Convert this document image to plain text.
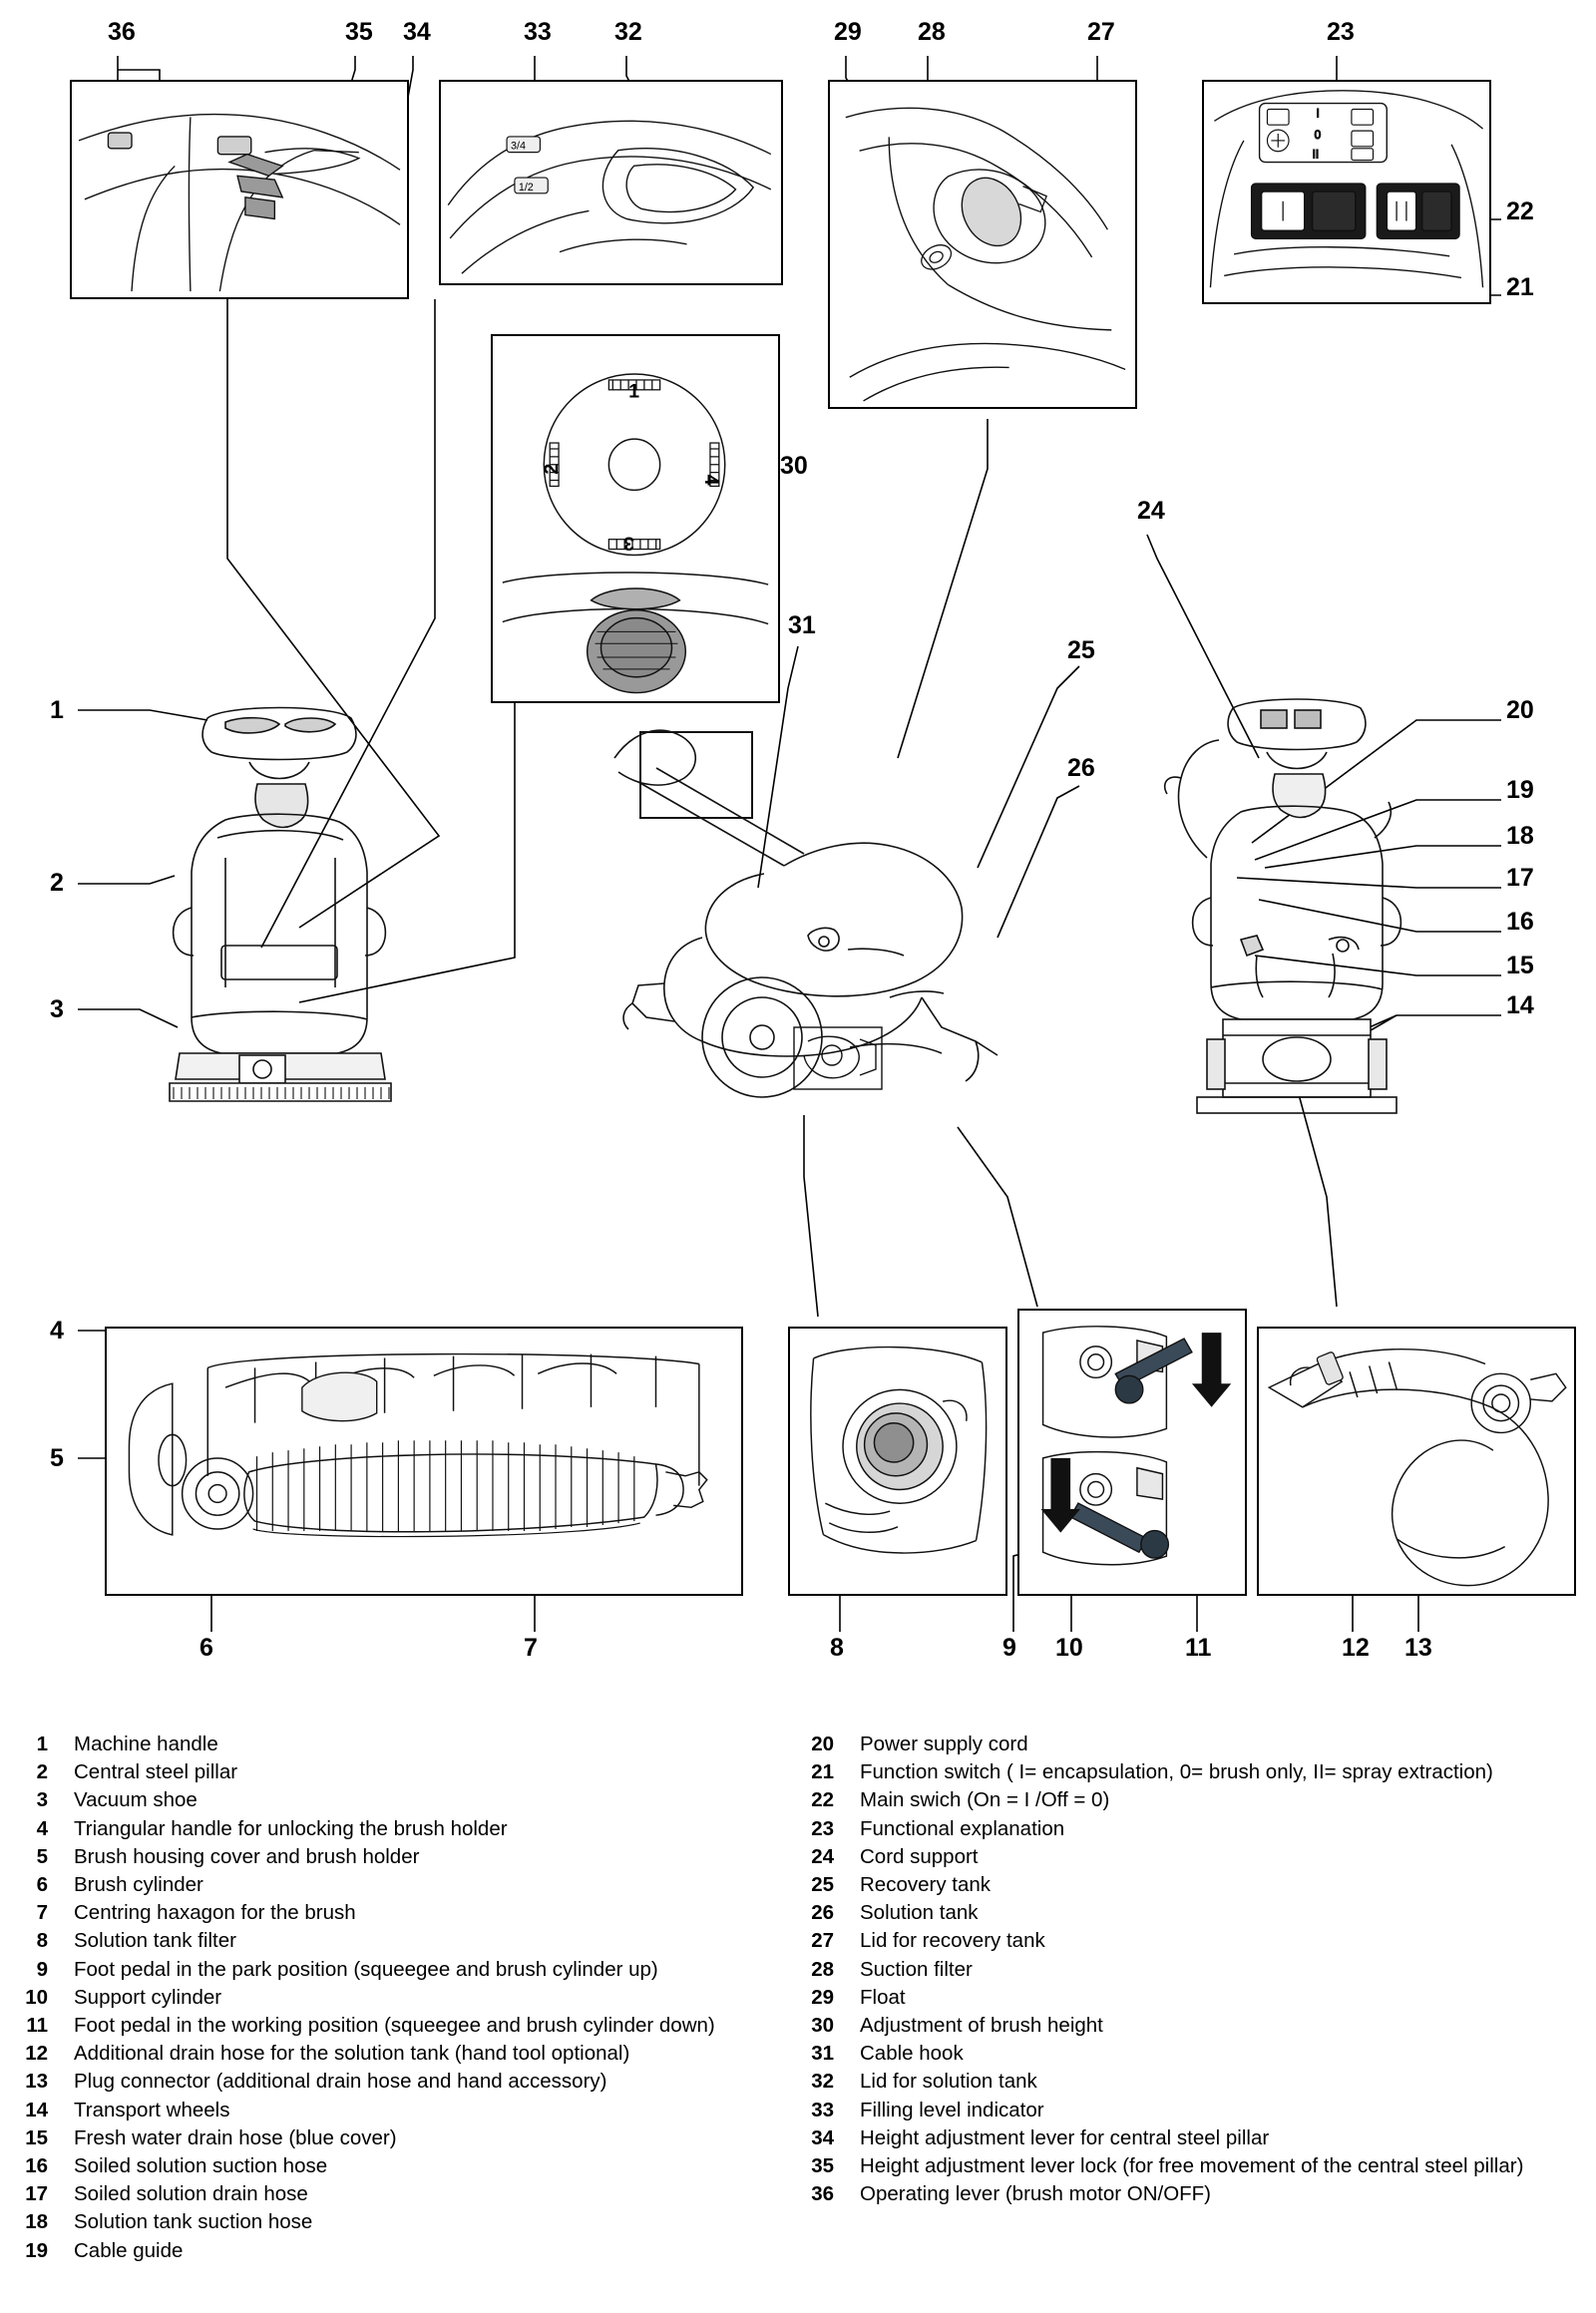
3/4
1/2
I
0
II
1
2
3
4
36	35 34	33	32	29 28	27	23
22
21
30
24
31
25
26
20
19
18
17
16
15
14
1
2
3
4
5
6	7	8	9 10	11	12 13
1 Machine handle
2 Central steel pillar
3 Vacuum shoe
4 Triangular handle for unlocking the brush holder
5 Brush housing cover and brush holder
6 Brush cylinder
7 Centring haxagon for the brush
8 Solution tank filter
9 Foot pedal in the park position (squeegee and brush cylinder up)
10 Support cylinder
11 Foot pedal in the working position (squeegee and brush cylinder down)
12 Additional drain hose for the solution tank (hand tool optional)
13 Plug connector (additional drain hose and hand accessory)
14 Transport wheels
15 Fresh water drain hose (blue cover)
16 Soiled solution suction hose
17 Soiled solution drain hose
18 Solution tank suction hose
19 Cable guide
20 Power supply cord
21 Function switch ( I= encapsulation, 0= brush only, II= spray extraction)
22 Main swich (On = I /Off = 0)
23 Functional explanation
24 Cord support
25 Recovery tank
26 Solution tank
27 Lid for recovery tank
28 Suction filter
29 Float
30 Adjustment of brush height
31 Cable hook
32 Lid for solution tank
33 Filling level indicator
34 Height adjustment lever for central steel pillar
35 Height adjustment lever lock (for free movement of the central steel pillar)
36 Operating lever (brush motor ON/OFF)
